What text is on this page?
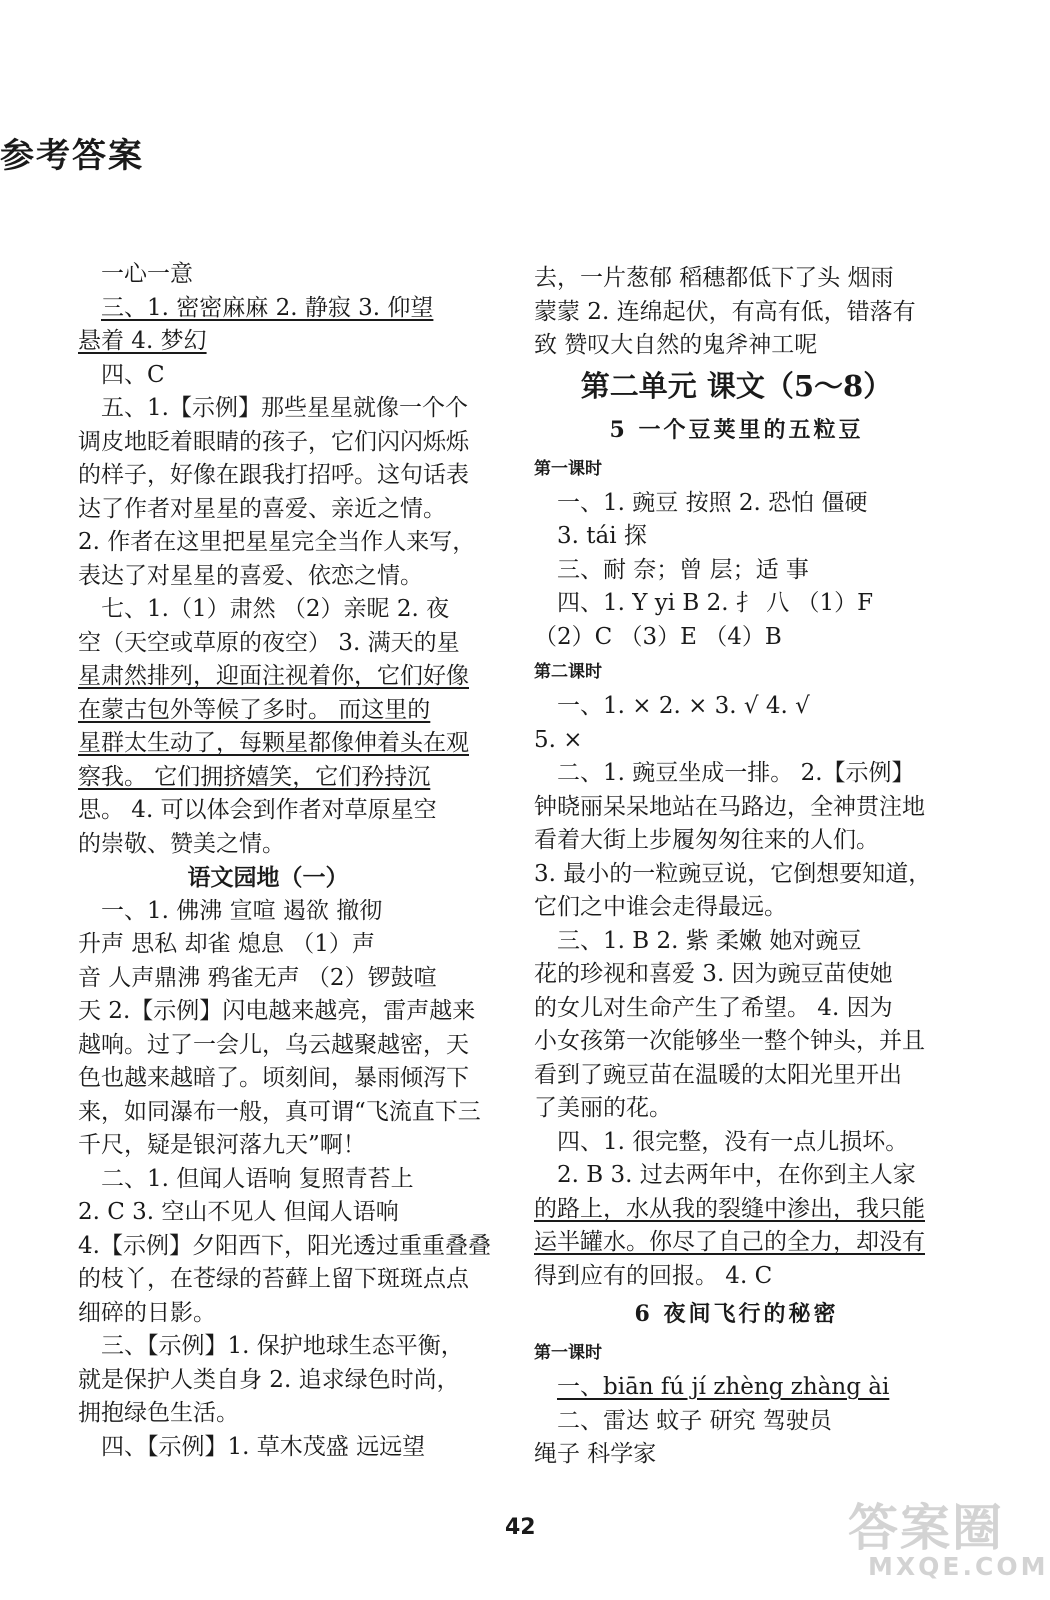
参考答案
一心一意
三、1. 密密麻麻 2. 静寂 3. 仰望
悬着 4. 梦幻
四、C
五、1.【示例】那些星星就像一个个
调皮地眨着眼睛的孩子，它们闪闪烁烁
的样子，好像在跟我打招呼。这句话表
达了作者对星星的喜爱、亲近之情。
2. 作者在这里把星星完全当作人来写，
表达了对星星的喜爱、依恋之情。
七、1.（1）肃然 （2）亲昵 2. 夜
空（天空或草原的夜空） 3. 满天的星
星肃然排列，迎面注视着你，它们好像
在蒙古包外等候了多时。 而这里的
星群太生动了，每颗星都像伸着头在观
察我。 它们拥挤嬉笑，它们矜持沉
思。 4. 可以体会到作者对草原星空
的崇敬、赞美之情。
语文园地（一）
一、1. 佛沸 宣喧 遏欲 撤彻
升声 思私 却雀 熄息 （1）声
音 人声鼎沸 鸦雀无声 （2）锣鼓喧
天 2.【示例】闪电越来越亮，雷声越来
越响。过了一会儿，乌云越聚越密，天
色也越来越暗了。顷刻间，暴雨倾泻下
来，如同瀑布一般，真可谓“飞流直下三
千尺，疑是银河落九天”啊！
二、1. 但闻人语响 复照青苔上
2. C 3. 空山不见人 但闻人语响
4.【示例】夕阳西下，阳光透过重重叠叠
的枝丫，在苍绿的苔藓上留下斑斑点点
细碎的日影。
三、【示例】1. 保护地球生态平衡，
就是保护人类自身 2. 追求绿色时尚，
拥抱绿色生活。
四、【示例】1. 草木茂盛 远远望
去，一片葱郁 稻穗都低下了头 烟雨
蒙蒙 2. 连绵起伏，有高有低，错落有
致 赞叹大自然的鬼斧神工呢
第二单元 课文（5～8）
5 一个豆荚里的五粒豆
第一课时
一、1. 豌豆 按照 2. 恐怕 僵硬
3. tái 探
三、耐 奈；曾 层；适 事
四、1. Y yi B 2. 扌 八 （1）F
（2）C （3）E （4）B
第二课时
一、1. × 2. × 3. √ 4. √
5. ×
二、1. 豌豆坐成一排。 2.【示例】
钟晓丽呆呆地站在马路边，全神贯注地
看着大街上步履匆匆往来的人们。
3. 最小的一粒豌豆说，它倒想要知道，
它们之中谁会走得最远。
三、1. B 2. 紫 柔嫩 她对豌豆
花的珍视和喜爱 3. 因为豌豆苗使她
的女儿对生命产生了希望。 4. 因为
小女孩第一次能够坐一整个钟头，并且
看到了豌豆苗在温暖的太阳光里开出
了美丽的花。
四、1. 很完整，没有一点儿损坏。
2. B 3. 过去两年中，在你到主人家
的路上，水从我的裂缝中渗出，我只能
运半罐水。你尽了自己的全力，却没有
得到应有的回报。 4. C
6 夜间飞行的秘密
第一课时
一、biān fú jí zhèng zhàng ài
二、雷达 蚊子 研究 驾驶员
绳子 科学家
42	答案圈
MXQE.COM
